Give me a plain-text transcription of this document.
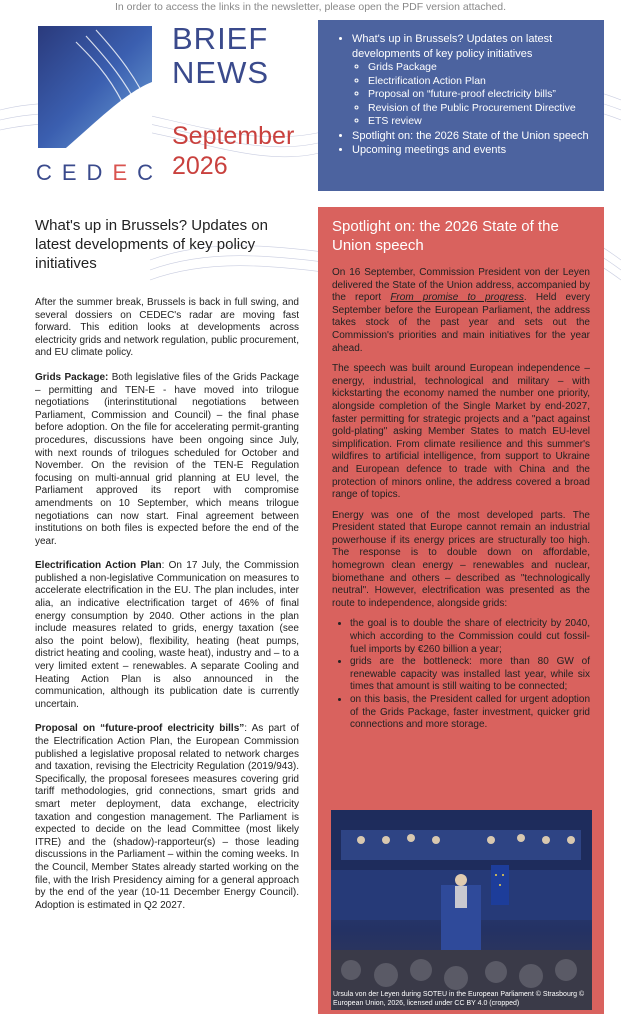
In order to access the links in the newsletter, please open the PDF version attached.
CEDEC
BRIEF
NEWS
September
2026
• What's up in Brussels? Updates on latest developments of key policy initiatives
◦ Grids Package
◦ Electrification Action Plan
◦ Proposal on “future-proof electricity bills”
◦ Revision of the Public Procurement Directive
◦ ETS review
• Spotlight on: the 2026 State of the Union speech
• Upcoming meetings and events
What's up in Brussels? Updates on latest developments of key policy initiatives

After the summer break, Brussels is back in full swing, and several dossiers on CEDEC's radar are moving fast forward. This edition looks at developments across electricity grids and network regulation, public procurement, and EU climate policy.

Grids Package: Both legislative files of the Grids Package – permitting and TEN-E - have moved into trilogue negotiations (interinstitutional negotiations between Parliament, Commission and Council) – the final phase before adoption. On the file for accelerating permit-granting procedures, discussions have been ongoing since July, with next rounds of trilogues scheduled for October and November. On the revision of the TEN-E Regulation focusing on multi-annual grid planning at EU level, the Parliament approved its report with compromise amendments on 10 September, which means trilogue negotiations can now start. Final agreement between institutions on both files is expected before the end of the year.

Electrification Action Plan: On 17 July, the Commission published a non-legislative Communication on measures to accelerate electrification in the EU. The plan includes, inter alia, an indicative electrification target of 46% of final energy consumption by 2040. Other actions in the plan include measures related to grids, energy taxation (see also the point below), flexibility, heating (heat pumps, district heating and cooling, waste heat), industry and – to a very limited extent – renewables. A separate Cooling and Heating Action Plan is also announced in the communication, although its publication date is currently uncertain.

Proposal on “future-proof electricity bills”: As part of the Electrification Action Plan, the European Commission published a legislative proposal related to network charges and taxation, revising the Electricity Regulation (2019/943). Specifically, the proposal foresees measures covering grid tariff methodologies, grid connections, smart grids and smart meter deployment, data exchange, electricity taxation and congestion management. The Parliament is expected to decide on the lead Committee (most likely ITRE) and the (shadow)-rapporteur(s) – those leading discussions in the Parliament – within the coming weeks. In the Council, Member States already started working on the file, with the Irish Presidency aiming for a general approach by the end of the year (10-11 December Energy Council). Adoption is estimated in Q2 2027.

Spotlight on: the 2026 State of the Union speech

On 16 September, Commission President von der Leyen delivered the State of the Union address, accompanied by the report From promise to progress. Held every September before the European Parliament, the address takes stock of the past year and sets out the Commission's priorities and main initiatives for the year ahead.

The speech was built around European independence – energy, industrial, technological and military – with kickstarting the economy named the number one priority, alongside completion of the Single Market by end-2027, faster permitting for strategic projects and a "pact against gold-plating" asking Member States to match EU-level simplification. From climate resilience and this summer's wildfires to artificial intelligence, from support to Ukraine and European defence to trade with China and the protection of minors online, the address covered a broad range of topics.

Energy was one of the most developed parts. The President stated that Europe cannot remain an industrial powerhouse if its energy prices are structurally too high. The response is to double down on affordable, homegrown clean energy – renewables and nuclear, biomethane and others – described as "technologically neutral". However, electrification was presented as the route to independence, alongside grids:

• the goal is to double the share of electricity by 2040, which according to the Commission could cut fossil-fuel imports by €260 billion a year;
• grids are the bottleneck: more than 80 GW of renewable capacity was installed last year, while six times that amount is still waiting to be connected;
• on this basis, the President called for urgent adoption of the Grids Package, faster investment, quicker grid connections and more storage.
Ursula von der Leyen during SOTEU in the European Parliament © Strasbourg © European Union, 2026, licensed under CC BY 4.0 (cropped)
